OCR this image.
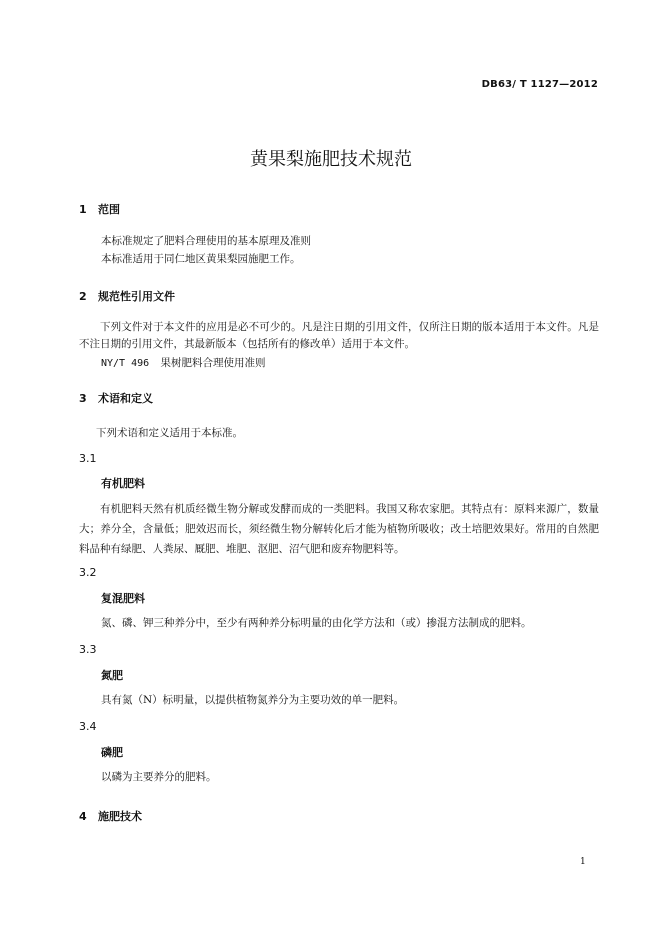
DB63/ T 1127—2012
黄果梨施肥技术规范
1 范围
本标准规定了肥料合理使用的基本原理及准则
本标准适用于同仁地区黄果梨园施肥工作。
2 规范性引用文件
下列文件对于本文件的应用是必不可少的。凡是注日期的引用文件，仅所注日期的版本适用于本文件。凡是不注日期的引用文件，其最新版本（包括所有的修改单）适用于本文件。
NY/T 496 果树肥料合理使用准则
3 术语和定义
下列术语和定义适用于本标准。
3.1
有机肥料
有机肥料天然有机质经微生物分解或发酵而成的一类肥料。我国又称农家肥。其特点有：原料来源广，数量大；养分全，含量低；肥效迟而长，须经微生物分解转化后才能为植物所吸收；改土培肥效果好。常用的自然肥料品种有绿肥、人粪尿、厩肥、堆肥、沤肥、沼气肥和废弃物肥料等。
3.2
复混肥料
氮、磷、钾三种养分中，至少有两种养分标明量的由化学方法和（或）掺混方法制成的肥料。
3.3
氮肥
具有氮（N）标明量，以提供植物氮养分为主要功效的单一肥料。
3.4
磷肥
以磷为主要养分的肥料。
4 施肥技术
1
